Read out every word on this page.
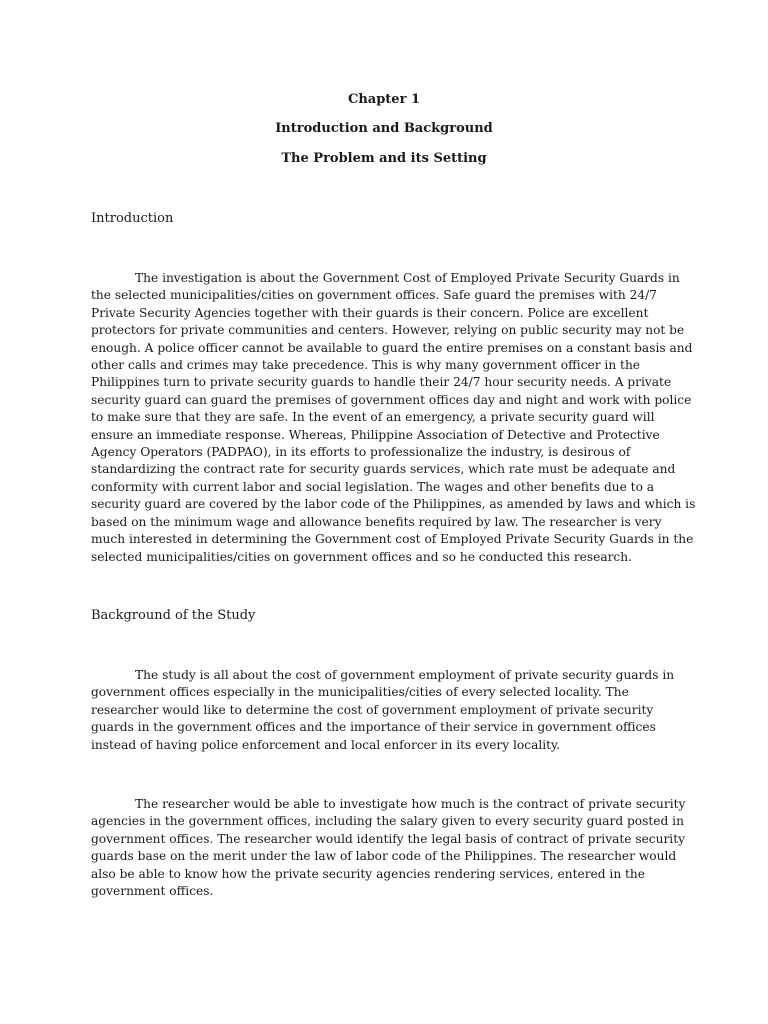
Chapter 1
Introduction and Background
The Problem and its Setting
Introduction
The investigation is about the Government Cost of Employed Private Security Guards in
the selected municipalities/cities on government offices. Safe guard the premises with 24/7
Private Security Agencies together with their guards is their concern. Police are excellent
protectors for private communities and centers. However, relying on public security may not be
enough. A police officer cannot be available to guard the entire premises on a constant basis and
other calls and crimes may take precedence. This is why many government officer in the
Philippines turn to private security guards to handle their 24/7 hour security needs. A private
security guard can guard the premises of government offices day and night and work with police
to make sure that they are safe. In the event of an emergency, a private security guard will
ensure an immediate response. Whereas, Philippine Association of Detective and Protective
Agency Operators (PADPAO), in its efforts to professionalize the industry, is desirous of
standardizing the contract rate for security guards services, which rate must be adequate and
conformity with current labor and social legislation. The wages and other benefits due to a
security guard are covered by the labor code of the Philippines, as amended by laws and which is
based on the minimum wage and allowance benefits required by law. The researcher is very
much interested in determining the Government cost of Employed Private Security Guards in the
selected municipalities/cities on government offices and so he conducted this research.
Background of the Study
The study is all about the cost of government employment of private security guards in
government offices especially in the municipalities/cities of every selected locality. The
researcher would like to determine the cost of government employment of private security
guards in the government offices and the importance of their service in government offices
instead of having police enforcement and local enforcer in its every locality.
The researcher would be able to investigate how much is the contract of private security
agencies in the government offices, including the salary given to every security guard posted in
government offices. The researcher would identify the legal basis of contract of private security
guards base on the merit under the law of labor code of the Philippines. The researcher would
also be able to know how the private security agencies rendering services, entered in the
government offices.
